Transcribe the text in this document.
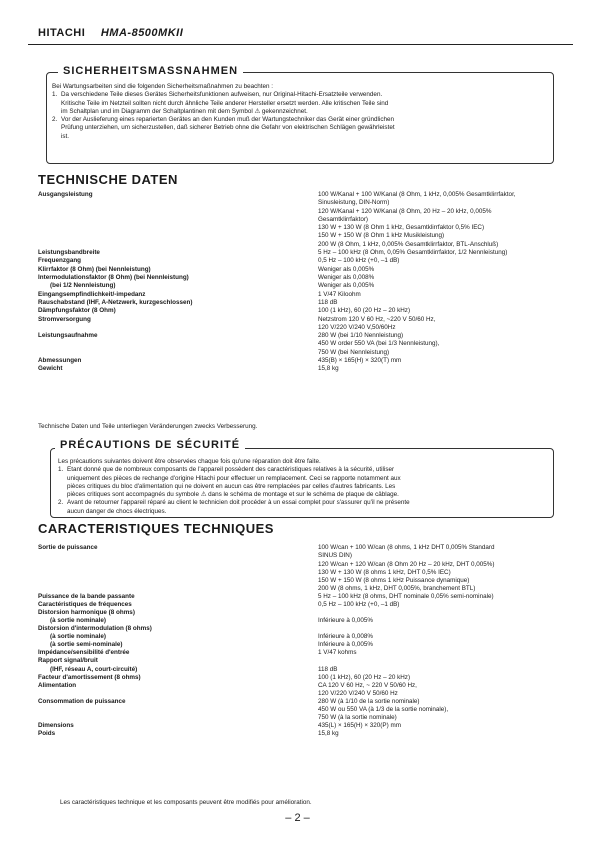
HITACHI HMA-8500MKII
SICHERHEITSMASSNAHMEN

Bei Wartungsarbeiten sind die folgenden Sicherheitsmaßnahmen zu beachten :

1. Da verschiedene Teile dieses Gerätes Sicherheitsfunktionen aufweisen, nur Original-Hitachi-Ersatzteile verwenden.

Kritische Teile im Netzteil sollten nicht durch ähnliche Teile anderer Hersteller ersetzt werden. Alle kritischen Teile sind

im Schaltplan und im Diagramm der Schaltplantinen mit dem Symbol ⚠ gekennzeichnet.

2. Vor der Auslieferung eines reparierten Gerätes an den Kunden muß der Wartungstechniker das Gerät einer gründlichen

Prüfung unterziehen, um sicherzustellen, daß sicherer Betrieb ohne die Gefahr von elektrischen Schlägen gewährleistet

ist.

TECHNISCHE DATEN
Ausgangsleistung	100 W/Kanal + 100 W/Kanal (8 Ohm, 1 kHz, 0,005% Gesamtklirrfaktor,
Sinusleistung, DIN-Norm)
120 W/Kanal + 120 W/Kanal (8 Ohm, 20 Hz – 20 kHz, 0,005%
Gesamtklirrfaktor)
130 W + 130 W (8 Ohm 1 kHz, Gesamtklirrfaktor 0,5% IEC)
150 W + 150 W (8 Ohm 1 kHz Musikleistung)
200 W (8 Ohm, 1 kHz, 0,005% Gesamtklirrfaktor, BTL-Anschluß)
Leistungsbandbreite	5 Hz – 100 kHz (8 Ohm, 0,05% Gesamtklirrfaktor, 1/2 Nennleistung)
Frequenzgang	0,5 Hz – 100 kHz (+0, –1 dB)
Klirrfaktor (8 Ohm) (bei Nennleistung)	Weniger als 0,005%
Intermodulationsfaktor (8 Ohm) (bei Nennleistung)	Weniger als 0,008%
(bei 1/2 Nennleistung)	Weniger als 0,005%
Eingangsempfindlichkeit/-impedanz	1 V/47 Kiloohm
Rauschabstand (IHF, A-Netzwerk, kurzgeschlossen)	118 dB
Dämpfungsfaktor (8 Ohm)	100 (1 kHz), 60 (20 Hz – 20 kHz)
Stromversorgung	Netzstrom 120 V 60 Hz, ~220 V 50/60 Hz,
120 V/220 V/240 V,50/60Hz
Leistungsaufnahme	280 W (bei 1/10 Nennleistung)
450 W order 550 VA (bei 1/3 Nennleistung),
750 W (bei Nennleistung)
Abmessungen	435(B) × 165(H) × 320(T) mm
Gewicht	15,8 kg
Technische Daten und Teile unterliegen Veränderungen zwecks Verbesserung.
PRÉCAUTIONS DE SÉCURITÉ

Les précautions suivantes doivent être observées chaque fois qu'une réparation doit être faite.

1. Etant donné que de nombreux composants de l'appareil possèdent des caractéristiques relatives à la sécurité, utiliser

uniquement des pièces de rechange d'origine Hitachi pour effectuer un remplacement. Ceci se rapporte notamment aux

pièces critiques du bloc d'alimentation qui ne doivent en aucun cas être remplacées par celles d'autres fabricants. Les

pièces critiques sont accompagnés du symbole ⚠ dans le schéma de montage et sur le schéma de plaque de câblage.

2. Avant de retourner l'appareil réparé au client le technicien doit procéder à un essai complet pour s'assurer qu'il ne présente

aucun danger de chocs électriques.

CARACTERISTIQUES TECHNIQUES
Sortie de puissance	100 W/can + 100 W/can (8 ohms, 1 kHz DHT 0,005% Standard
SINUS DIN)
120 W/can + 120 W/can (8 Ohm 20 Hz – 20 kHz, DHT 0,005%)
130 W + 130 W (8 ohms 1 kHz, DHT 0,5% IEC)
150 W + 150 W (8 ohms 1 kHz Puissance dynamique)
200 W (8 ohms, 1 kHz, DHT 0,005%, branchement BTL)
Puissance de la bande passante	5 Hz – 100 kHz (8 ohms, DHT nominale 0,05% semi-nominale)
Caractéristiques de fréquences	0,5 Hz – 100 kHz (+0, –1 dB)
Distorsion harmonique (8 ohms)
(à sortie nominale)	Inférieure à 0,005%
Distorsion d'intermodulation (8 ohms)
(à sortie nominale)	Inférieure à 0,008%
(à sortie semi-nominale)	Inférieure à 0,005%
Impédance/sensibilité d'entrée	1 V/47 kohms
Rapport signal/bruit
(IHF, réseau A, court-circuité)	118 dB
Facteur d'amortissement (8 ohms)	100 (1 kHz), 60 (20 Hz – 20 kHz)
Alimentation	CA 120 V 60 Hz, ~ 220 V 50/60 Hz,
120 V/220 V/240 V 50/60 Hz
Consommation de puissance	280 W (à 1/10 de la sortie nominale)
450 W ou 550 VA (à 1/3 de la sortie nominale),
750 W (à la sortie nominale)
Dimensions	435(L) × 165(H) × 320(P) mm
Poids	15,8 kg
Les caractéristiques technique et les composants peuvent être modifiés pour amélioration.
– 2 –
